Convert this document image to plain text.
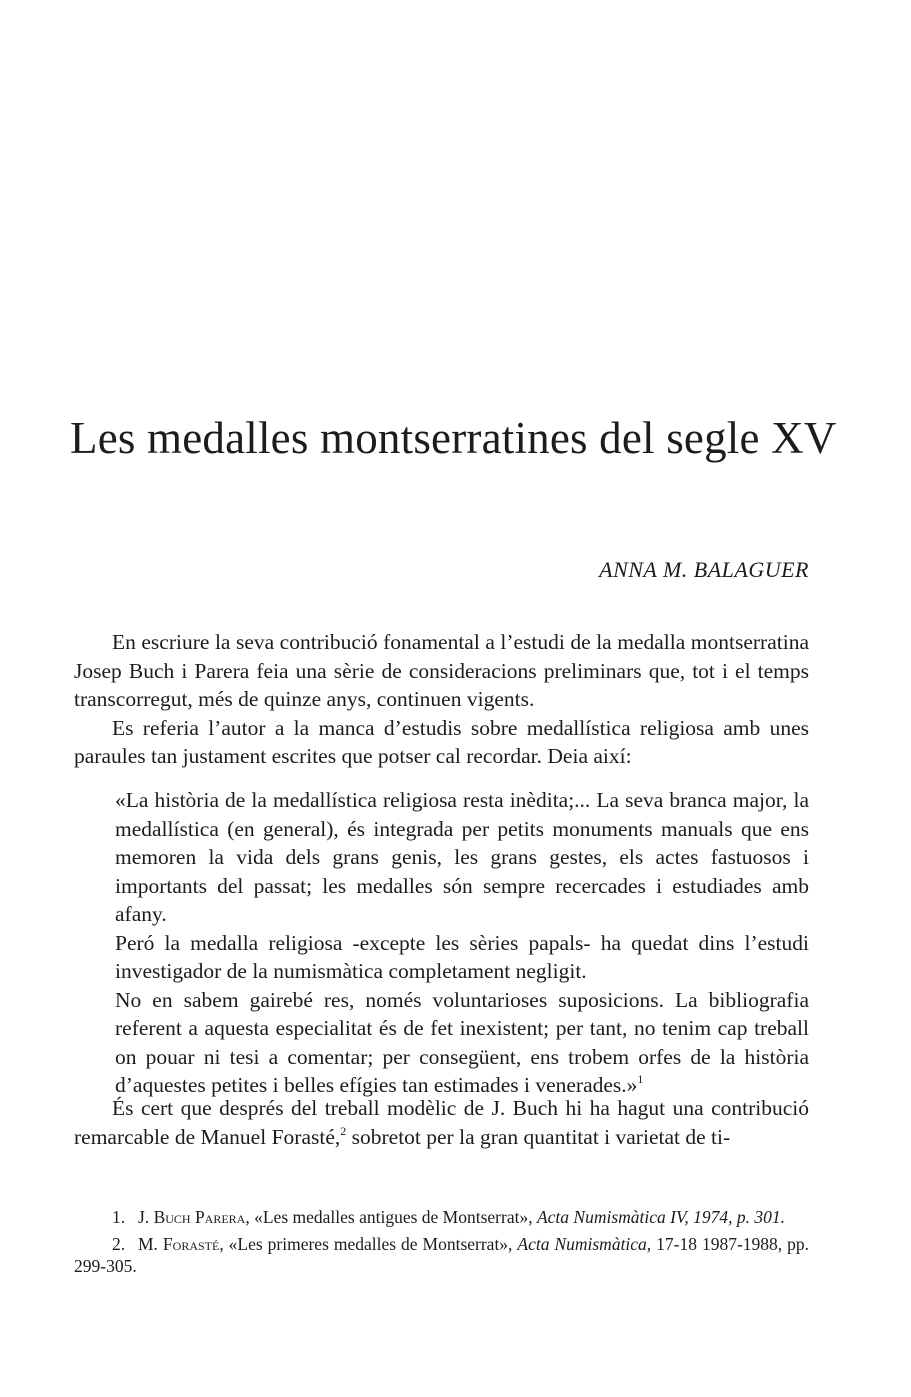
Les medalles montserratines del segle XV
ANNA M. BALAGUER

En escriure la seva contribució fonamental a l’estudi de la medalla montserratina Josep Buch i Parera feia una sèrie de consideracions preliminars que, tot i el temps transcorregut, més de quinze anys, continuen vigents.

Es referia l’autor a la manca d’estudis sobre medallística religiosa amb unes paraules tan justament escrites que potser cal recordar. Deia així:

«La història de la medallística religiosa resta inèdita;... La seva branca major, la medallística (en general), és integrada per petits monuments manuals que ens memoren la vida dels grans genis, les grans gestes, els actes fastuosos i importants del passat; les medalles són sempre recercades i estudiades amb afany.

Peró la medalla religiosa -excepte les sèries papals- ha quedat dins l’estudi investigador de la numismàtica completament negligit.

No en sabem gairebé res, només voluntarioses suposicions. La bibliografia referent a aquesta especialitat és de fet inexistent; per tant, no tenim cap treball on pouar ni tesi a comentar; per consegüent, ens trobem orfes de la història d’aquestes petites i belles efígies tan estimades i venerades.»$^1$

És cert que després del treball modèlic de J. Buch hi ha hagut una contribució remarcable de Manuel Forasté,$^2$ sobretot per la gran quantitat i varietat de ti-

1. J. Buch Parera, «Les medalles antigues de Montserrat», Acta Numismàtica IV, 1974, p. 301.

2. M. Forasté, «Les primeres medalles de Montserrat», Acta Numismàtica, 17-18 1987-1988, pp. 299-305.
